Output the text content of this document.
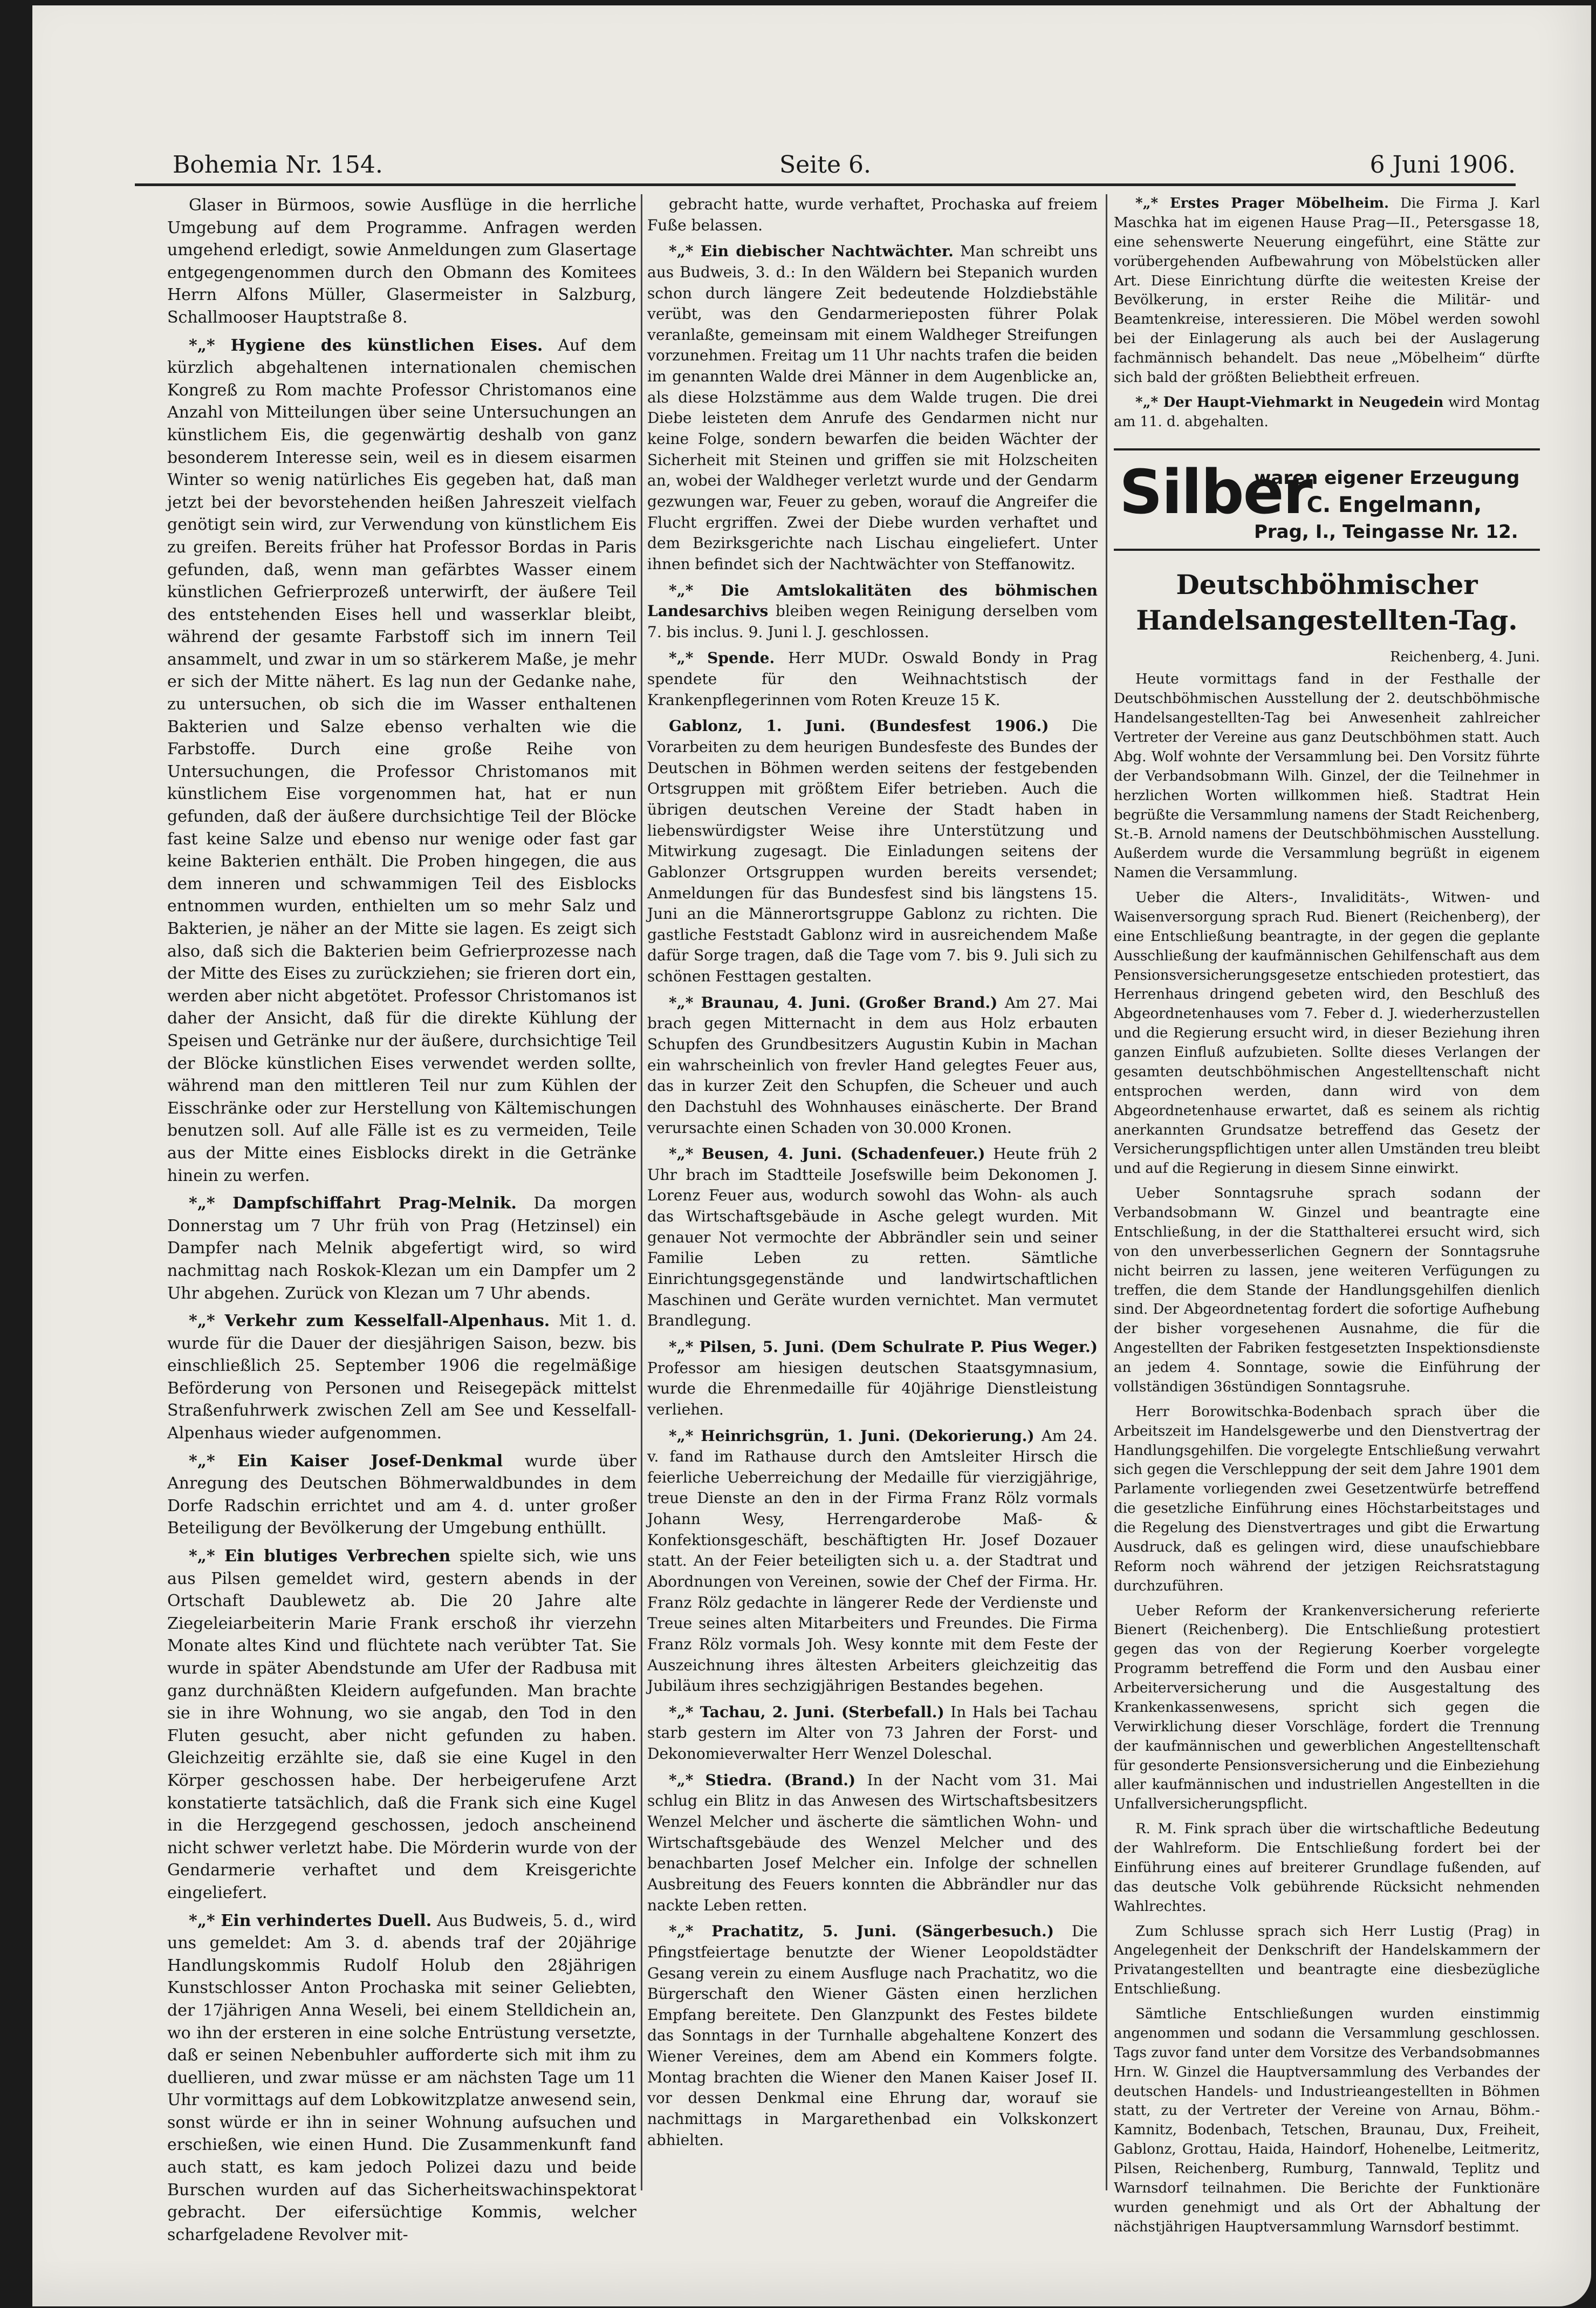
Bohemia Nr. 154.	Seite 6.	6 Juni 1906.

Glaser in Bürmoos, sowie Ausflüge in die herrliche Umgebung auf dem Programme. Anfragen werden umgehend erledigt, sowie Anmeldungen zum Glasertage entgegengenommen durch den Obmann des Komitees Herrn Alfons Müller, Glasermeister in Salzburg, Schallmooser Hauptstraße 8.

*„* Hygiene des künstlichen Eises. Auf dem kürzlich abgehaltenen internationalen chemischen Kongreß zu Rom machte Professor Christomanos eine Anzahl von Mitteilungen über seine Untersuchungen an künstlichem Eis, die gegenwärtig deshalb von ganz besonderem Interesse sein, weil es in diesem eisarmen Winter so wenig natürliches Eis gegeben hat, daß man jetzt bei der bevorstehenden heißen Jahreszeit vielfach genötigt sein wird, zur Verwendung von künstlichem Eis zu greifen. Bereits früher hat Professor Bordas in Paris gefunden, daß, wenn man gefärbtes Wasser einem künstlichen Gefrierprozeß unterwirft, der äußere Teil des entstehenden Eises hell und wasserklar bleibt, während der gesamte Farbstoff sich im innern Teil ansammelt, und zwar in um so stärkerem Maße, je mehr er sich der Mitte nähert. Es lag nun der Gedanke nahe, zu untersuchen, ob sich die im Wasser enthaltenen Bakterien und Salze ebenso verhalten wie die Farbstoffe. Durch eine große Reihe von Untersuchungen, die Professor Christomanos mit künstlichem Eise vorgenommen hat, hat er nun gefunden, daß der äußere durchsichtige Teil der Blöcke fast keine Salze und ebenso nur wenige oder fast gar keine Bakterien enthält. Die Proben hingegen, die aus dem inneren und schwammigen Teil des Eisblocks entnommen wurden, enthielten um so mehr Salz und Bakterien, je näher an der Mitte sie lagen. Es zeigt sich also, daß sich die Bakterien beim Gefrierprozesse nach der Mitte des Eises zu zurückziehen; sie frieren dort ein, werden aber nicht abgetötet. Professor Christomanos ist daher der Ansicht, daß für die direkte Kühlung der Speisen und Getränke nur der äußere, durchsichtige Teil der Blöcke künstlichen Eises verwendet werden sollte, während man den mittleren Teil nur zum Kühlen der Eisschränke oder zur Herstellung von Kältemischungen benutzen soll. Auf alle Fälle ist es zu vermeiden, Teile aus der Mitte eines Eisblocks direkt in die Getränke hinein zu werfen.

*„* Dampfschiffahrt Prag-Melnik. Da morgen Donnerstag um 7 Uhr früh von Prag (Hetzinsel) ein Dampfer nach Melnik abgefertigt wird, so wird nachmittag nach Roskok-Klezan um ein Dampfer um 2 Uhr abgehen. Zurück von Klezan um 7 Uhr abends.

*„* Verkehr zum Kesselfall-Alpenhaus. Mit 1. d. wurde für die Dauer der diesjährigen Saison, bezw. bis einschließlich 25. September 1906 die regelmäßige Beförderung von Personen und Reisegepäck mittelst Straßenfuhrwerk zwischen Zell am See und Kesselfall-Alpenhaus wieder aufgenommen.

*„* Ein Kaiser Josef-Denkmal wurde über Anregung des Deutschen Böhmerwaldbundes in dem Dorfe Radschin errichtet und am 4. d. unter großer Beteiligung der Bevölkerung der Umgebung enthüllt.

*„* Ein blutiges Verbrechen spielte sich, wie uns aus Pilsen gemeldet wird, gestern abends in der Ortschaft Daublewetz ab. Die 20 Jahre alte Ziegeleiarbeiterin Marie Frank erschoß ihr vierzehn Monate altes Kind und flüchtete nach verübter Tat. Sie wurde in später Abendstunde am Ufer der Radbusa mit ganz durchnäßten Kleidern aufgefunden. Man brachte sie in ihre Wohnung, wo sie angab, den Tod in den Fluten gesucht, aber nicht gefunden zu haben. Gleichzeitig erzählte sie, daß sie eine Kugel in den Körper geschossen habe. Der herbeigerufene Arzt konstatierte tatsächlich, daß die Frank sich eine Kugel in die Herzgegend geschossen, jedoch anscheinend nicht schwer verletzt habe. Die Mörderin wurde von der Gendarmerie verhaftet und dem Kreisgerichte eingeliefert.

*„* Ein verhindertes Duell. Aus Budweis, 5. d., wird uns gemeldet: Am 3. d. abends traf der 20jährige Handlungskommis Rudolf Holub den 28jährigen Kunstschlosser Anton Prochaska mit seiner Geliebten, der 17jährigen Anna Weseli, bei einem Stelldichein an, wo ihn der ersteren in eine solche Entrüstung versetzte, daß er seinen Nebenbuhler aufforderte sich mit ihm zu duellieren, und zwar müsse er am nächsten Tage um 11 Uhr vormittags auf dem Lobkowitzplatze anwesend sein, sonst würde er ihn in seiner Wohnung aufsuchen und erschießen, wie einen Hund. Die Zusammenkunft fand auch statt, es kam jedoch Polizei dazu und beide Burschen wurden auf das Sicherheitswachinspektorat gebracht. Der eifersüchtige Kommis, welcher scharfgeladene Revolver mit-

gebracht hatte, wurde verhaftet, Prochaska auf freiem Fuße belassen.

*„* Ein diebischer Nachtwächter. Man schreibt uns aus Budweis, 3. d.: In den Wäldern bei Stepanich wurden schon durch längere Zeit bedeutende Holzdiebstähle verübt, was den Gendarmerieposten führer Polak veranlaßte, gemeinsam mit einem Waldheger Streifungen vorzunehmen. Freitag um 11 Uhr nachts trafen die beiden im genannten Walde drei Männer in dem Augenblicke an, als diese Holzstämme aus dem Walde trugen. Die drei Diebe leisteten dem Anrufe des Gendarmen nicht nur keine Folge, sondern bewarfen die beiden Wächter der Sicherheit mit Steinen und griffen sie mit Holzscheiten an, wobei der Waldheger verletzt wurde und der Gendarm gezwungen war, Feuer zu geben, worauf die Angreifer die Flucht ergriffen. Zwei der Diebe wurden verhaftet und dem Bezirksgerichte nach Lischau eingeliefert. Unter ihnen befindet sich der Nachtwächter von Steffanowitz.

*„* Die Amtslokalitäten des böhmischen Landesarchivs bleiben wegen Reinigung derselben vom 7. bis inclus. 9. Juni l. J. geschlossen.

*„* Spende. Herr MUDr. Oswald Bondy in Prag spendete für den Weihnachtstisch der Krankenpflegerinnen vom Roten Kreuze 15 K.

Gablonz, 1. Juni. (Bundesfest 1906.) Die Vorarbeiten zu dem heurigen Bundesfeste des Bundes der Deutschen in Böhmen werden seitens der festgebenden Ortsgruppen mit größtem Eifer betrieben. Auch die übrigen deutschen Vereine der Stadt haben in liebenswürdigster Weise ihre Unterstützung und Mitwirkung zugesagt. Die Einladungen seitens der Gablonzer Ortsgruppen wurden bereits versendet; Anmeldungen für das Bundesfest sind bis längstens 15. Juni an die Männerortsgruppe Gablonz zu richten. Die gastliche Feststadt Gablonz wird in ausreichendem Maße dafür Sorge tragen, daß die Tage vom 7. bis 9. Juli sich zu schönen Festtagen gestalten.

*„* Braunau, 4. Juni. (Großer Brand.) Am 27. Mai brach gegen Mitternacht in dem aus Holz erbauten Schupfen des Grundbesitzers Augustin Kubin in Machan ein wahrscheinlich von frevler Hand gelegtes Feuer aus, das in kurzer Zeit den Schupfen, die Scheuer und auch den Dachstuhl des Wohnhauses einäscherte. Der Brand verursachte einen Schaden von 30.000 Kronen.

*„* Beusen, 4. Juni. (Schadenfeuer.) Heute früh 2 Uhr brach im Stadtteile Josefswille beim Dekonomen J. Lorenz Feuer aus, wodurch sowohl das Wohn- als auch das Wirtschaftsgebäude in Asche gelegt wurden. Mit genauer Not vermochte der Abbrändler sein und seiner Familie Leben zu retten. Sämtliche Einrichtungsgegenstände und landwirtschaftlichen Maschinen und Geräte wurden vernichtet. Man vermutet Brandlegung.

*„* Pilsen, 5. Juni. (Dem Schulrate P. Pius Weger.) Professor am hiesigen deutschen Staatsgymnasium, wurde die Ehrenmedaille für 40jährige Dienstleistung verliehen.

*„* Heinrichsgrün, 1. Juni. (Dekorierung.) Am 24. v. fand im Rathause durch den Amtsleiter Hirsch die feierliche Ueberreichung der Medaille für vierzigjährige, treue Dienste an den in der Firma Franz Rölz vormals Johann Wesy, Herrengarderobe Maß- & Konfektionsgeschäft, beschäftigten Hr. Josef Dozauer statt. An der Feier beteiligten sich u. a. der Stadtrat und Abordnungen von Vereinen, sowie der Chef der Firma. Hr. Franz Rölz gedachte in längerer Rede der Verdienste und Treue seines alten Mitarbeiters und Freundes. Die Firma Franz Rölz vormals Joh. Wesy konnte mit dem Feste der Auszeichnung ihres ältesten Arbeiters gleichzeitig das Jubiläum ihres sechzigjährigen Bestandes begehen.

*„* Tachau, 2. Juni. (Sterbefall.) In Hals bei Tachau starb gestern im Alter von 73 Jahren der Forst- und Dekonomieverwalter Herr Wenzel Doleschal.

*„* Stiedra. (Brand.) In der Nacht vom 31. Mai schlug ein Blitz in das Anwesen des Wirtschaftsbesitzers Wenzel Melcher und äscherte die sämtlichen Wohn- und Wirtschaftsgebäude des Wenzel Melcher und des benachbarten Josef Melcher ein. Infolge der schnellen Ausbreitung des Feuers konnten die Abbrändler nur das nackte Leben retten.

*„* Prachatitz, 5. Juni. (Sängerbesuch.) Die Pfingstfeiertage benutzte der Wiener Leopoldstädter Gesang verein zu einem Ausfluge nach Prachatitz, wo die Bürgerschaft den Wiener Gästen einen herzlichen Empfang bereitete. Den Glanzpunkt des Festes bildete das Sonntags in der Turnhalle abgehaltene Konzert des Wiener Vereines, dem am Abend ein Kommers folgte. Montag brachten die Wiener den Manen Kaiser Josef II. vor dessen Denkmal eine Ehrung dar, worauf sie nachmittags in Margarethenbad ein Volkskonzert abhielten.

*„* Erstes Prager Möbelheim. Die Firma J. Karl Maschka hat im eigenen Hause Prag—II., Petersgasse 18, eine sehenswerte Neuerung eingeführt, eine Stätte zur vorübergehenden Aufbewahrung von Möbelstücken aller Art. Diese Einrichtung dürfte die weitesten Kreise der Bevölkerung, in erster Reihe die Militär- und Beamtenkreise, interessieren. Die Möbel werden sowohl bei der Einlagerung als auch bei der Auslagerung fachmännisch behandelt. Das neue „Möbelheim“ dürfte sich bald der größten Beliebtheit erfreuen.

*„* Der Haupt-Viehmarkt in Neugedein wird Montag am 11. d. abgehalten.

Silber
waren eigener Erzeugung
C. Engelmann,
Prag, I., Teingasse Nr. 12.
Deutschböhmischer Handelsangestellten-Tag.
Reichenberg, 4. Juni.

Heute vormittags fand in der Festhalle der Deutschböhmischen Ausstellung der 2. deutschböhmische Handelsangestellten-Tag bei Anwesenheit zahlreicher Vertreter der Vereine aus ganz Deutschböhmen statt. Auch Abg. Wolf wohnte der Versammlung bei. Den Vorsitz führte der Verbandsobmann Wilh. Ginzel, der die Teilnehmer in herzlichen Worten willkommen hieß. Stadtrat Hein begrüßte die Versammlung namens der Stadt Reichenberg, St.-B. Arnold namens der Deutschböhmischen Ausstellung. Außerdem wurde die Versammlung begrüßt in eigenem Namen die Versammlung.

Ueber die Alters-, Invaliditäts-, Witwen- und Waisenversorgung sprach Rud. Bienert (Reichenberg), der eine Entschließung beantragte, in der gegen die geplante Ausschließung der kaufmännischen Gehilfenschaft aus dem Pensionsversicherungsgesetze entschieden protestiert, das Herrenhaus dringend gebeten wird, den Beschluß des Abgeordnetenhauses vom 7. Feber d. J. wiederherzustellen und die Regierung ersucht wird, in dieser Beziehung ihren ganzen Einfluß aufzubieten. Sollte dieses Verlangen der gesamten deutschböhmischen Angestelltenschaft nicht entsprochen werden, dann wird von dem Abgeordnetenhause erwartet, daß es seinem als richtig anerkannten Grundsatze betreffend das Gesetz der Versicherungspflichtigen unter allen Umständen treu bleibt und auf die Regierung in diesem Sinne einwirkt.

Ueber Sonntagsruhe sprach sodann der Verbandsobmann W. Ginzel und beantragte eine Entschließung, in der die Statthalterei ersucht wird, sich von den unverbesserlichen Gegnern der Sonntagsruhe nicht beirren zu lassen, jene weiteren Verfügungen zu treffen, die dem Stande der Handlungsgehilfen dienlich sind. Der Abgeordnetentag fordert die sofortige Aufhebung der bisher vorgesehenen Ausnahme, die für die Angestellten der Fabriken festgesetzten Inspektionsdienste an jedem 4. Sonntage, sowie die Einführung der vollständigen 36stündigen Sonntagsruhe.

Herr Borowitschka-Bodenbach sprach über die Arbeitszeit im Handelsgewerbe und den Dienstvertrag der Handlungsgehilfen. Die vorgelegte Entschließung verwahrt sich gegen die Verschleppung der seit dem Jahre 1901 dem Parlamente vorliegenden zwei Gesetzentwürfe betreffend die gesetzliche Einführung eines Höchstarbeitstages und die Regelung des Dienstvertrages und gibt die Erwartung Ausdruck, daß es gelingen wird, diese unaufschiebbare Reform noch während der jetzigen Reichsratstagung durchzuführen.

Ueber Reform der Krankenversicherung referierte Bienert (Reichenberg). Die Entschließung protestiert gegen das von der Regierung Koerber vorgelegte Programm betreffend die Form und den Ausbau einer Arbeiterversicherung und die Ausgestaltung des Krankenkassenwesens, spricht sich gegen die Verwirklichung dieser Vorschläge, fordert die Trennung der kaufmännischen und gewerblichen Angestelltenschaft für gesonderte Pensionsversicherung und die Einbeziehung aller kaufmännischen und industriellen Angestellten in die Unfallversicherungspflicht.

R. M. Fink sprach über die wirtschaftliche Bedeutung der Wahlreform. Die Entschließung fordert bei der Einführung eines auf breiterer Grundlage fußenden, auf das deutsche Volk gebührende Rücksicht nehmenden Wahlrechtes.

Zum Schlusse sprach sich Herr Lustig (Prag) in Angelegenheit der Denkschrift der Handelskammern der Privatangestellten und beantragte eine diesbezügliche Entschließung.

Sämtliche Entschließungen wurden einstimmig angenommen und sodann die Versammlung geschlossen. Tags zuvor fand unter dem Vorsitze des Verbandsobmannes Hrn. W. Ginzel die Hauptversammlung des Verbandes der deutschen Handels- und Industrieangestellten in Böhmen statt, zu der Vertreter der Vereine von Arnau, Böhm.-Kamnitz, Bodenbach, Tetschen, Braunau, Dux, Freiheit, Gablonz, Grottau, Haida, Haindorf, Hohenelbe, Leitmeritz, Pilsen, Reichenberg, Rumburg, Tannwald, Teplitz und Warnsdorf teilnahmen. Die Berichte der Funktionäre wurden genehmigt und als Ort der Abhaltung der nächstjährigen Hauptversammlung Warnsdorf bestimmt.
